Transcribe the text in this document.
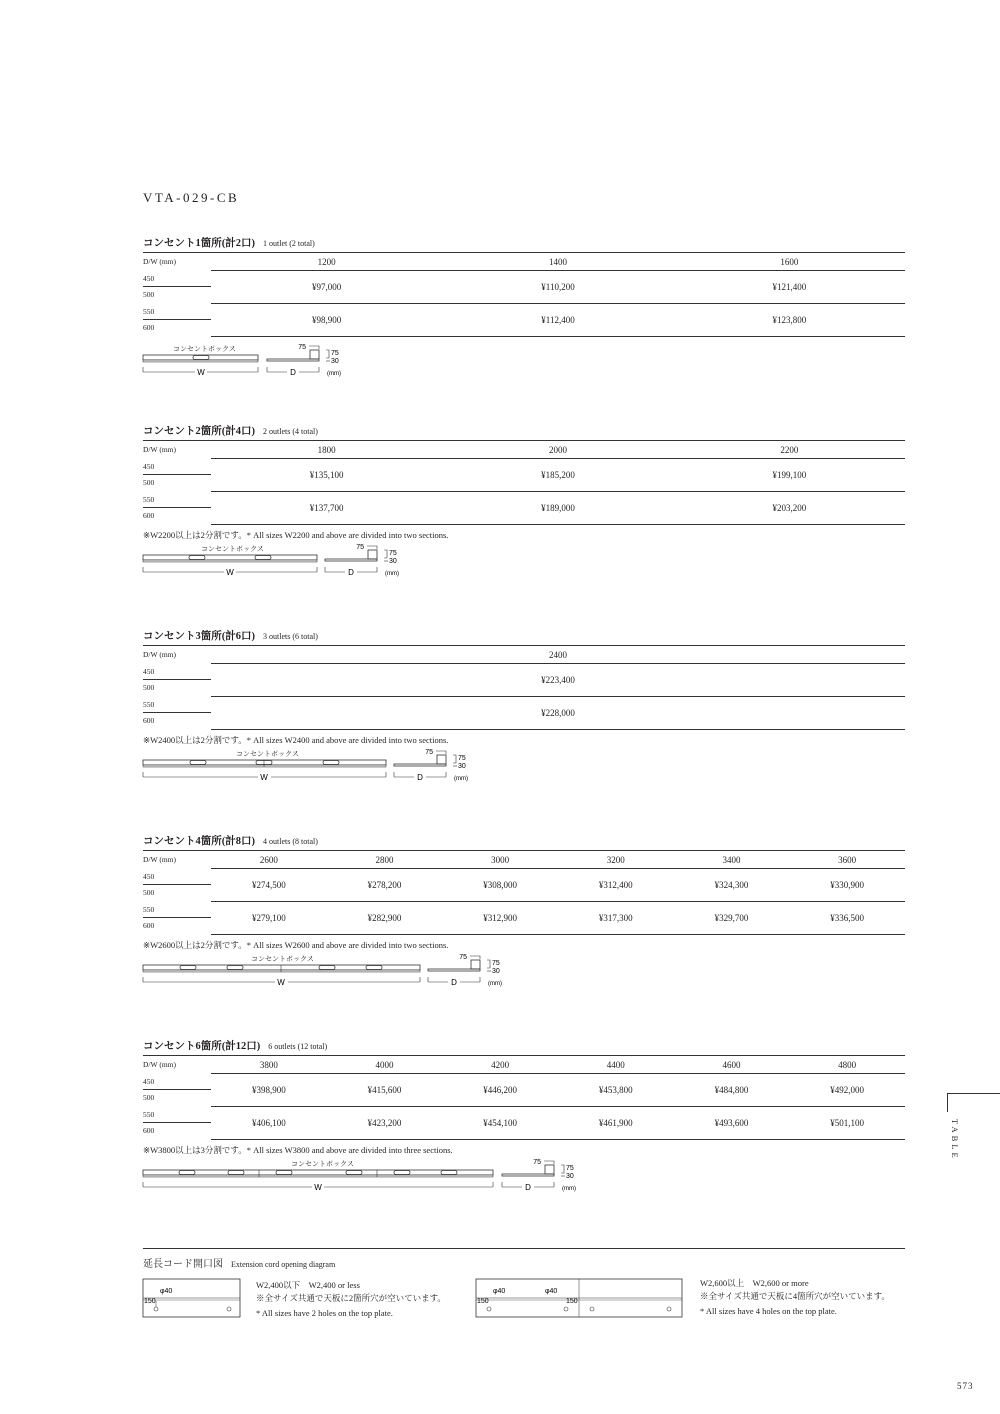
VTA-029-CB
コンセント1箇所(計2口) 1 outlet (2 total)
D/W (mm)	1200	1400	1600

450
500	¥97,000	¥110,200	¥121,400

550
600	¥98,900	¥112,400	¥123,800
コンセントボックス
W
75
75
30
D	(mm)
コンセント2箇所(計4口) 2 outlets (4 total)
D/W (mm)	1800	2000	2200

450
500	¥135,100	¥185,200	¥199,100

550
600	¥137,700	¥189,000	¥203,200
※W2200以上は2分割です。* All sizes W2200 and above are divided into two sections.
コンセントボックス
W
75
75
30
D	(mm)
コンセント3箇所(計6口) 3 outlets (6 total)
D/W (mm)	2400

450
500	¥223,400

550
600	¥228,000
※W2400以上は2分割です。* All sizes W2400 and above are divided into two sections.
コンセントボックス
W
75
75
30
D	(mm)
コンセント4箇所(計8口) 4 outlets (8 total)
D/W (mm)	2600	2800	3000	3200	3400	3600

450
500	¥274,500	¥278,200	¥308,000	¥312,400	¥324,300	¥330,900

550
600	¥279,100	¥282,900	¥312,900	¥317,300	¥329,700	¥336,500
※W2600以上は2分割です。* All sizes W2600 and above are divided into two sections.
コンセントボックス
W
75
75
30
D	(mm)
コンセント6箇所(計12口) 6 outlets (12 total)
D/W (mm)	3800	4000	4200	4400	4600	4800

450
500	¥398,900	¥415,600	¥446,200	¥453,800	¥484,800	¥492,000

550
600	¥406,100	¥423,200	¥454,100	¥461,900	¥493,600	¥501,100
※W3800以上は3分割です。* All sizes W3800 and above are divided into three sections.
コンセントボックス
W
75
75
30
D	(mm)
TABLE
延長コード開口図 Extension cord opening diagram
150
φ40
W2,400以下　W2,400 or less
※全サイズ共通で天板に2箇所穴が空いています。
* All sizes have 2 holes on the top plate.
150
φ40	φ40
150
W2,600以上　W2,600 or more
※全サイズ共通で天板に4箇所穴が空いています。
* All sizes have 4 holes on the top plate.
573
